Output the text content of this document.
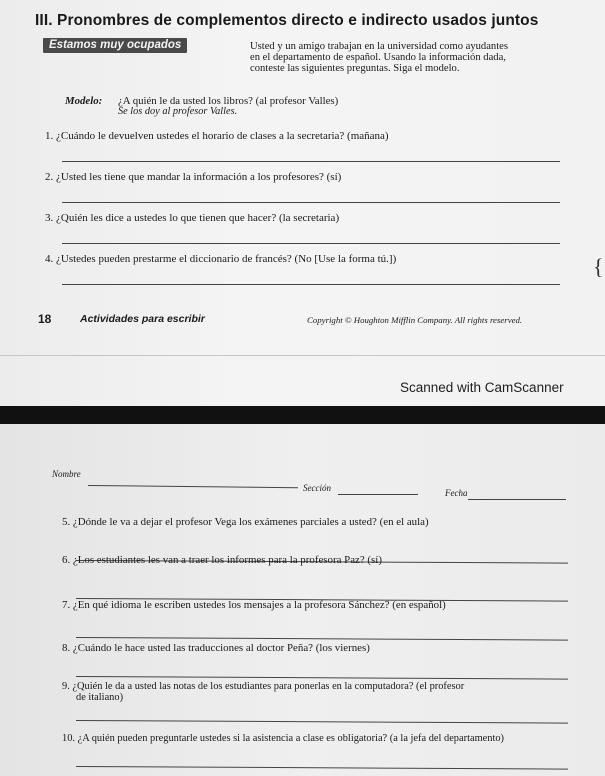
III. Pronombres de complementos directo e indirecto usados juntos
Estamos muy ocupados	Usted y un amigo trabajan en la universidad como ayudantes
en el departamento de español. Usando la información dada,
conteste las siguientes preguntas. Siga el modelo.
Modelo: ¿A quién le da usted los libros? (al profesor Valles)
Se los doy al profesor Valles.
1. ¿Cuándo le devuelven ustedes el horario de clases a la secretaria? (mañana)
2. ¿Usted les tiene que mandar la información a los profesores? (sí)
3. ¿Quién les dice a ustedes lo que tienen que hacer? (la secretaria)
4. ¿Ustedes pueden prestarme el diccionario de francés? (No [Use la forma tú.])	{
18	Actividades para escribir	Copyright © Houghton Mifflin Company. All rights reserved.
Scanned with CamScanner
Nombre
Sección	Fecha
5. ¿Dónde le va a dejar el profesor Vega los exámenes parciales a usted? (en el aula)
6. ¿Los estudiantes les van a traer los informes para la profesora Paz? (sí)
7. ¿En qué idioma le escriben ustedes los mensajes a la profesora Sánchez? (en español)
8. ¿Cuándo le hace usted las traducciones al doctor Peña? (los viernes)
9. ¿Quién le da a usted las notas de los estudiantes para ponerlas en la computadora? (el profesor
de italiano)
10. ¿A quién pueden preguntarle ustedes si la asistencia a clase es obligatoria? (a la jefa del departamento)
